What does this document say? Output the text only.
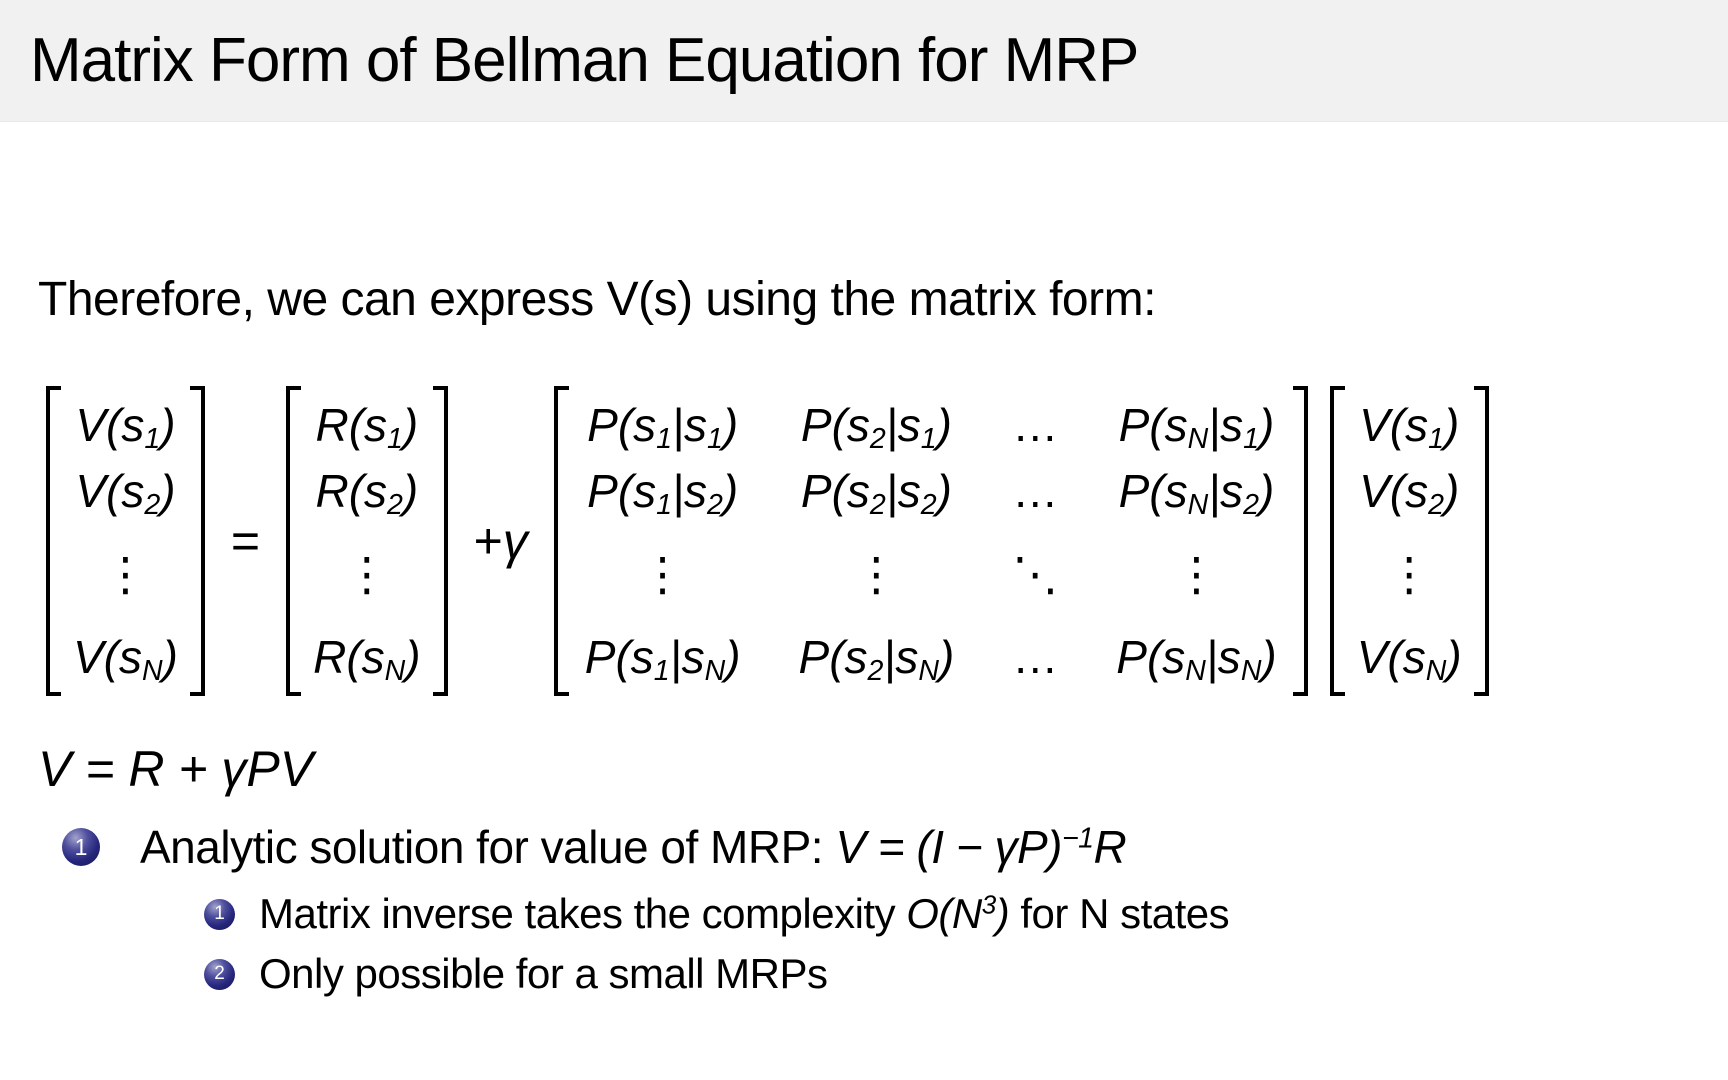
Matrix Form of Bellman Equation for MRP
Therefore, we can express V(s) using the matrix form:
$V(s_1)$
$V(s_2)$
⋮
$V(s_N)$
=
$R(s_1)$
$R(s_2)$
⋮
$R(s_N)$
+γ
$P(s_1|s_1)$ $P(s_2|s_1)$ … $P(s_N|s_1)$
$P(s_1|s_2)$ $P(s_2|s_2)$ … $P(s_N|s_2)$
⋮	⋮ ⋱	⋮
$P(s_1|s_N)$ $P(s_2|s_N)$ … $P(s_N|s_N)$
$V(s_1)$
$V(s_2)$
⋮
$V(s_N)$
V = R + γPV
1 Analytic solution for value of MRP: $V = (I - \gamma P)^{-1}R$
1 Matrix inverse takes the complexity $O(N^3)$ for N states
2 Only possible for a small MRPs
